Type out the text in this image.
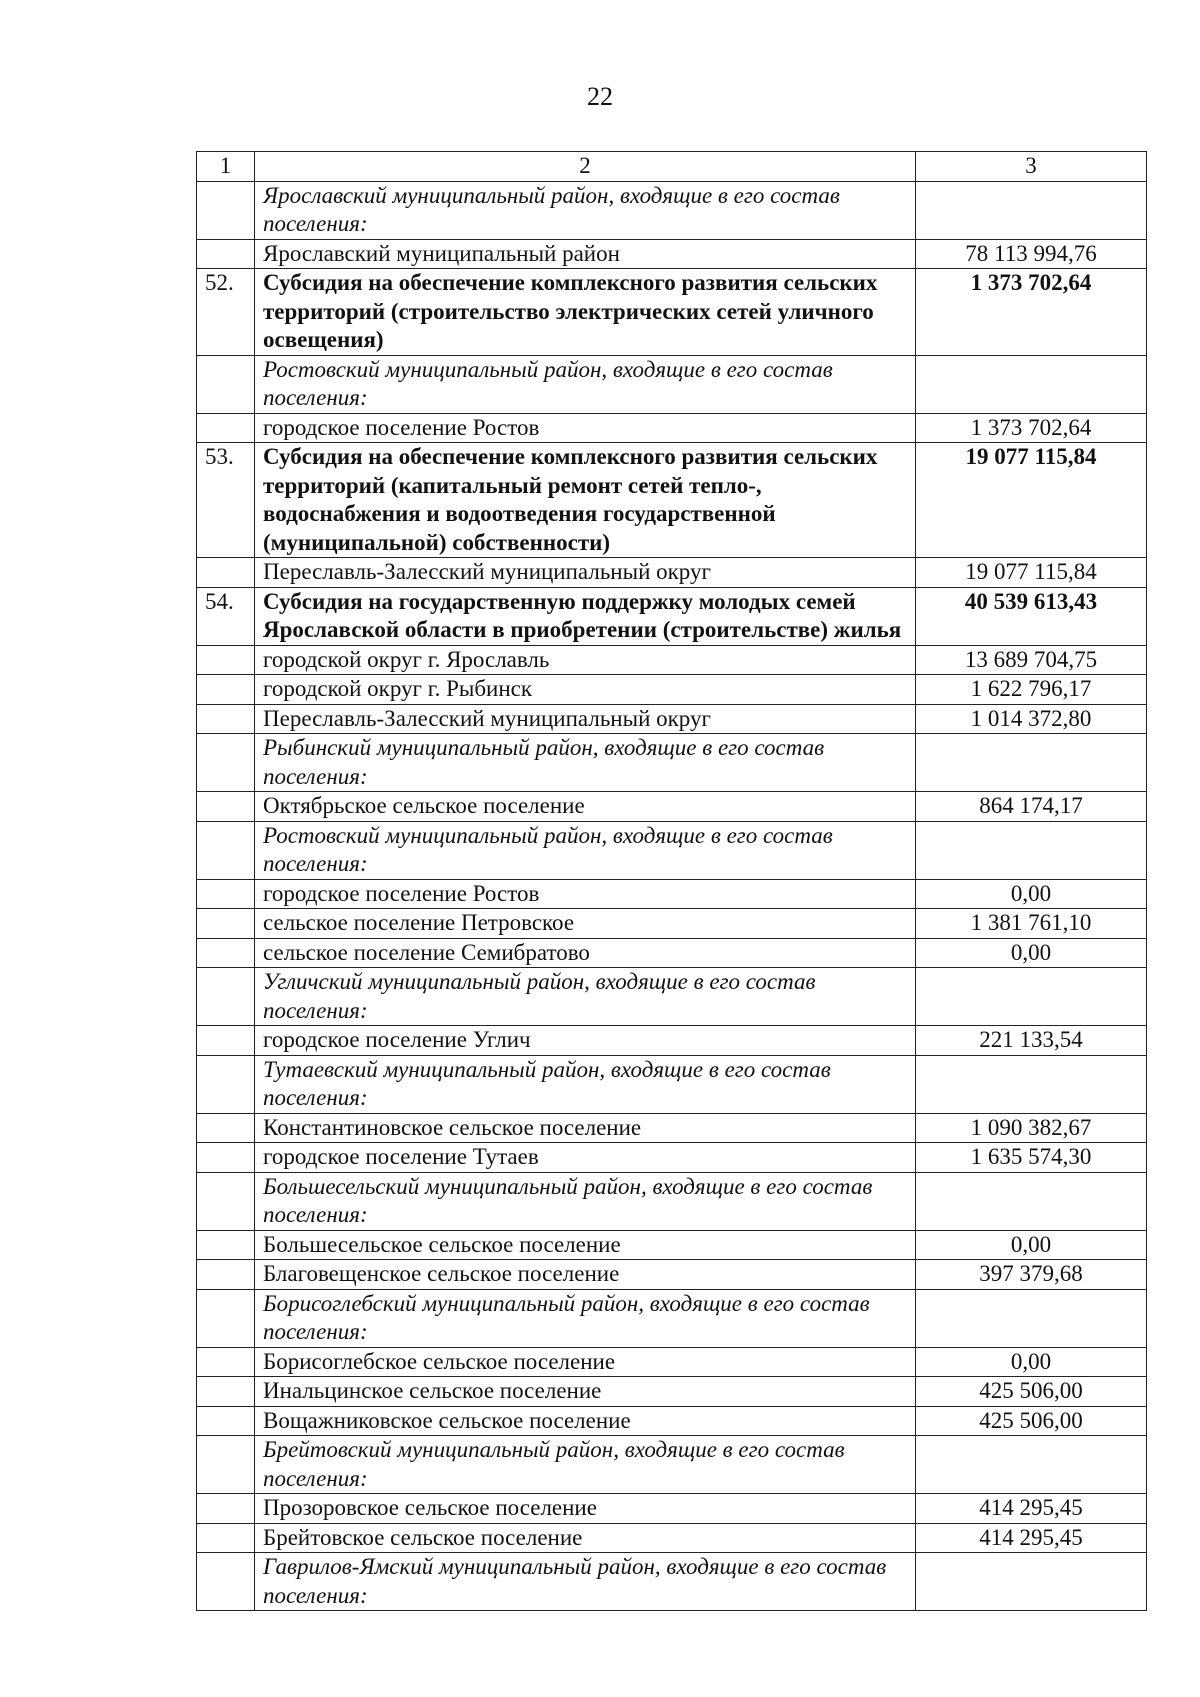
22
1	2	3
	Ярославский муниципальный район, входящие в его состав поселения:	
	Ярославский муниципальный район	78 113 994,76
52.	Субсидия на обеспечение комплексного развития сельских территорий (строительство электрических сетей уличного освещения)	1 373 702,64
	Ростовский муниципальный район, входящие в его состав поселения:	
	городское поселение Ростов	1 373 702,64
53.	Субсидия на обеспечение комплексного развития сельских территорий (капитальный ремонт сетей тепло-, водоснабжения и водоотведения государственной (муниципальной) собственности)	19 077 115,84
	Переславль-Залесский муниципальный округ	19 077 115,84
54.	Субсидия на государственную поддержку молодых семей Ярославской области в приобретении (строительстве) жилья	40 539 613,43
	городской округ г. Ярославль	13 689 704,75
	городской округ г. Рыбинск	1 622 796,17
	Переславль-Залесский муниципальный округ	1 014 372,80
	Рыбинский муниципальный район, входящие в его состав поселения:	
	Октябрьское сельское поселение	864 174,17
	Ростовский муниципальный район, входящие в его состав поселения:	
	городское поселение Ростов	0,00
	сельское поселение Петровское	1 381 761,10
	сельское поселение Семибратово	0,00
	Угличский муниципальный район, входящие в его состав поселения:	
	городское поселение Углич	221 133,54
	Тутаевский муниципальный район, входящие в его состав поселения:	
	Константиновское сельское поселение	1 090 382,67
	городское поселение Тутаев	1 635 574,30
	Большесельский муниципальный район, входящие в его состав поселения:	
	Большесельское сельское поселение	0,00
	Благовещенское сельское поселение	397 379,68
	Борисоглебский муниципальный район, входящие в его состав поселения:	
	Борисоглебское сельское поселение	0,00
	Инальцинское сельское поселение	425 506,00
	Вощажниковское сельское поселение	425 506,00
	Брейтовский муниципальный район, входящие в его состав поселения:	
	Прозоровское сельское поселение	414 295,45
	Брейтовское сельское поселение	414 295,45
	Гаврилов-Ямский муниципальный район, входящие в его состав поселения:	
